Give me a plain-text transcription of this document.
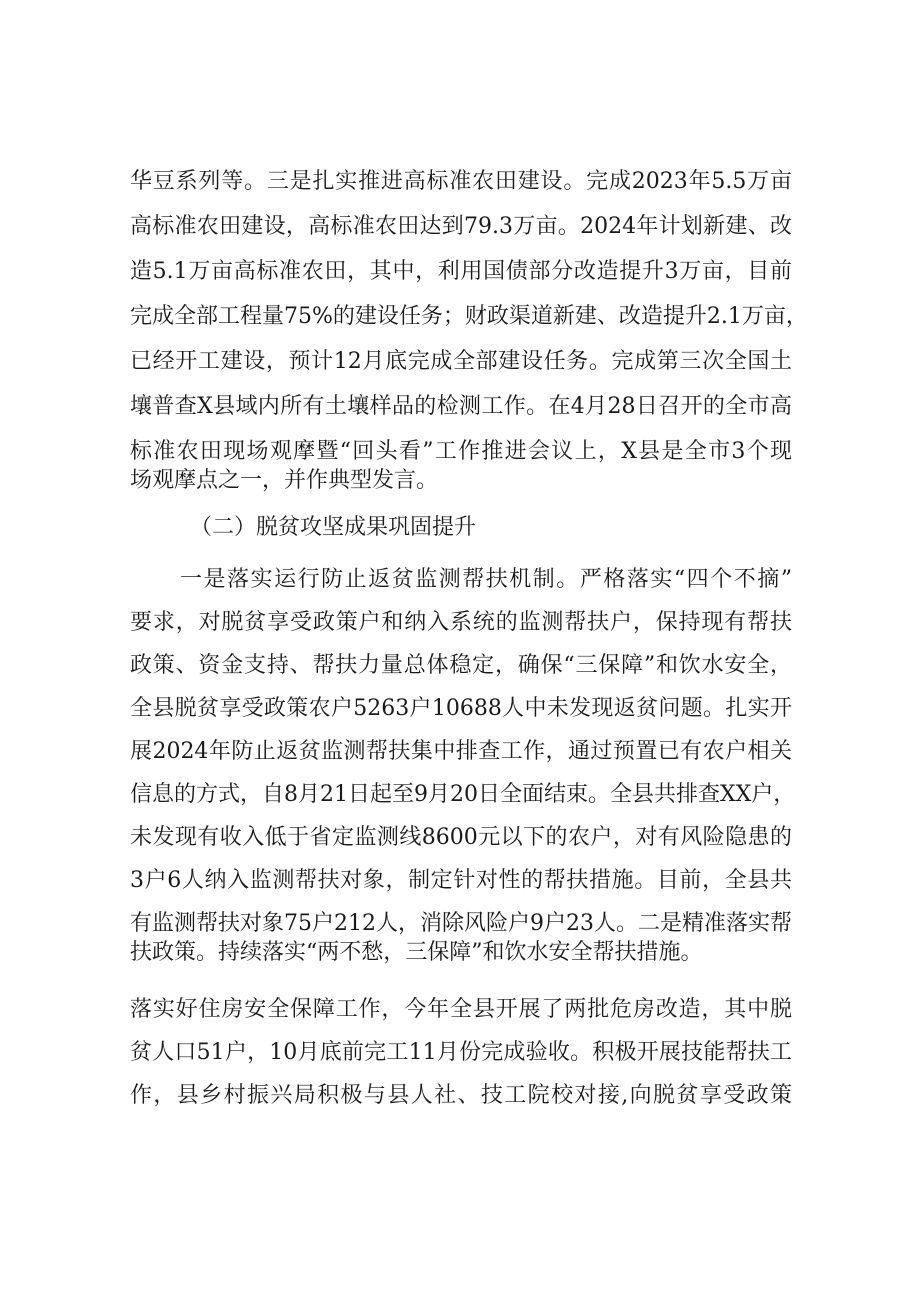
华豆系列等。三是扎实推进高标准农田建设。完成2023年5.5万亩
高标准农田建设，高标准农田达到79.3万亩。2024年计划新建、改
造5.1万亩高标准农田，其中，利用国债部分改造提升3万亩，目前
完成全部工程量75%的建设任务；财政渠道新建、改造提升2.1万亩，
已经开工建设，预计12月底完成全部建设任务。完成第三次全国土
壤普查X县域内所有土壤样品的检测工作。在4月28日召开的全市高
标准农田现场观摩暨“回头看”工作推进会议上，X县是全市3个现
场观摩点之一，并作典型发言。
（二）脱贫攻坚成果巩固提升
一是落实运行防止返贫监测帮扶机制。严格落实“四个不摘”
要求，对脱贫享受政策户和纳入系统的监测帮扶户，保持现有帮扶
政策、资金支持、帮扶力量总体稳定，确保“三保障”和饮水安全，
全县脱贫享受政策农户5263户10688人中未发现返贫问题。扎实开
展2024年防止返贫监测帮扶集中排查工作，通过预置已有农户相关
信息的方式，自8月21日起至9月20日全面结束。全县共排查XX户，
未发现有收入低于省定监测线8600元以下的农户，对有风险隐患的
3户6人纳入监测帮扶对象，制定针对性的帮扶措施。目前，全县共
有监测帮扶对象75户212人，消除风险户9户23人。二是精准落实帮
扶政策。持续落实“两不愁，三保障”和饮水安全帮扶措施。
落实好住房安全保障工作，今年全县开展了两批危房改造，其中脱
贫人口51户，10月底前完工11月份完成验收。积极开展技能帮扶工
作，县乡村振兴局积极与县人社、技工院校对接,向脱贫享受政策
